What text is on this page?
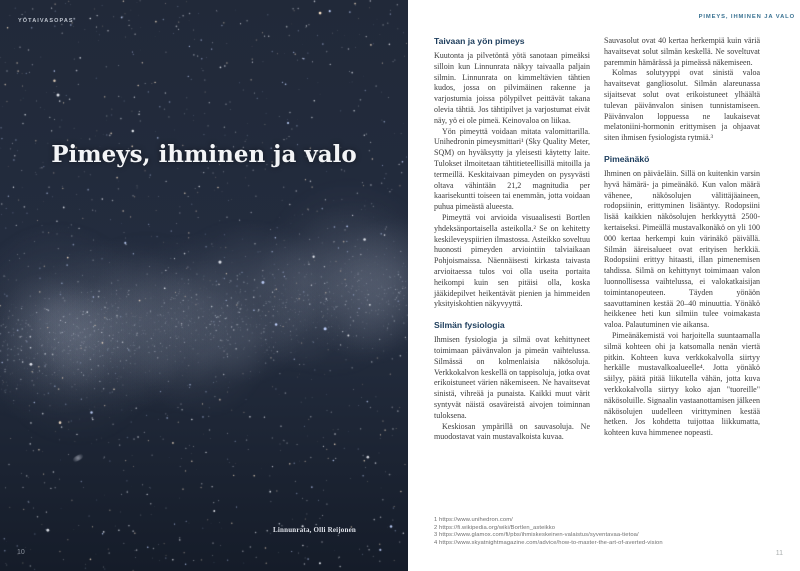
YÖTAIVASOPAS
Pimeys, ihminen ja valo
Linnunrata, Olli Reijonen
10
PIMEYS, IHMINEN JA VALO
Taivaan ja yön pimeys

Kuutonta ja pilvetöntä yötä sanotaan pimeäksi silloin kun Linnunrata näkyy taivaalla paljain silmin. Linnunrata on kimmeltävien tähtien kudos, jossa on pilvimäinen rakenne ja varjostumia joissa pölypilvet peittävät takana olevia tähtiä. Jos tähtipilvet ja varjostumat eivät näy, yö ei ole pimeä. Keinovaloa on liikaa.

Yön pimeyttä voidaan mitata valomittarilla. Unihedronin pimeysmittari¹ (Sky Quality Meter, SQM) on hyväksytty ja yleisesti käytetty laite. Tulokset ilmoitetaan tähtitieteellisillä mitoilla ja termeillä. Keskitaivaan pimeyden on pysyvästi oltava vähintään 21,2 magnitudia per kaarisekuntti toiseen tai enemmän, jotta voidaan puhua pimeästä alueesta.

Pimeyttä voi arvioida visuaalisesti Bortlen yhdeksänportaisella asteikolla.² Se on kehitetty keskileveyspiirien ilmastossa. Asteikko soveltuu huonosti pimeyden arviointiin talviaikaan Pohjoismaissa. Näennäisesti kirkasta taivasta arvioitaessa tulos voi olla useita portaita heikompi kuin sen pitäisi olla, koska jääkidepilvet heikentävät pienien ja himmeiden yksityiskohtien näkyvyyttä.

Silmän fysiologia

Ihmisen fysiologia ja silmä ovat kehittyneet toimimaan päivänvalon ja pimeän vaihtelussa. Silmässä on kolmenlaisia näkösoluja. Verkkokalvon keskellä on tappisoluja, jotka ovat erikoistuneet värien näkemiseen. Ne havaitsevat sinistä, vihreää ja punaista. Kaikki muut värit syntyvät näistä osaväreistä aivojen toiminnan tuloksena.

Keskiosan ympärillä on sauvasoluja. Ne muodostavat vain mustavalkoista kuvaa.

Sauvasolut ovat 40 kertaa herkempiä kuin väriä havaitsevat solut silmän keskellä. Ne soveltuvat paremmin hämärässä ja pimeässä näkemiseen.

Kolmas solutyyppi ovat sinistä valoa havaitsevat gangliosolut. Silmän alareunassa sijaitsevat solut ovat erikoistuneet ylhäältä tulevan päivänvalon sinisen tunnistamiseen. Päivänvalon loppuessa ne laukaisevat melatoniini-hormonin erittymisen ja ohjaavat siten ihmisen fysiologista rytmiä.³

Pimeänäkö

Ihminen on päiväeläin. Sillä on kuitenkin varsin hyvä hämärä- ja pimeänäkö. Kun valon määrä vähenee, näkösolujen välittäjäaineen, rodopsiinin, erittyminen lisääntyy. Rodopsiini lisää kaikkien näkösolujen herkkyyttä 2500-kertaiseksi. Pimeällä mustavalkonäkö on yli 100 000 kertaa herkempi kuin värinäkö päivällä. Silmän ääreisalueet ovat erityisen herkkiä. Rodopsiini erittyy hitaasti, illan pimenemisen tahdissa. Silmä on kehittynyt toimimaan valon luonnollisessa vaihtelussa, ei valokatkaisijan toimintanopeuteen. Täyden yönäön saavuttaminen kestää 20–40 minuuttia. Yönäkö heikkenee heti kun silmiin tulee voimakasta valoa. Palautuminen vie aikansa.

Pimeänäkemistä voi harjoitella suuntaamalla silmä kohteen ohi ja katsomalla nenän viertä pitkin. Kohteen kuva verkkokalvolla siirtyy herkälle mustavalkoalueelle⁴. Jotta yönäkö säilyy, päätä pitää liikutella vähän, jotta kuva verkkokalvolla siirtyy koko ajan "tuoreille" näkösoluille. Signaalin vastaanottamisen jälkeen näkösolujen uudelleen virittyminen kestää hetken. Jos kohdetta tuijottaa liikkumatta, kohteen kuva himmenee nopeasti.

1 https://www.unihedron.com/
2 https://fi.wikipedia.org/wiki/Bortlen_asteikko
3 https://www.glamox.com/fi/pbs/ihmiskeskeinen-valaistus/syventavaa-tietoa/
4 https://www.skyatnightmagazine.com/advice/how-to-master-the-art-of-averted-vision
11
